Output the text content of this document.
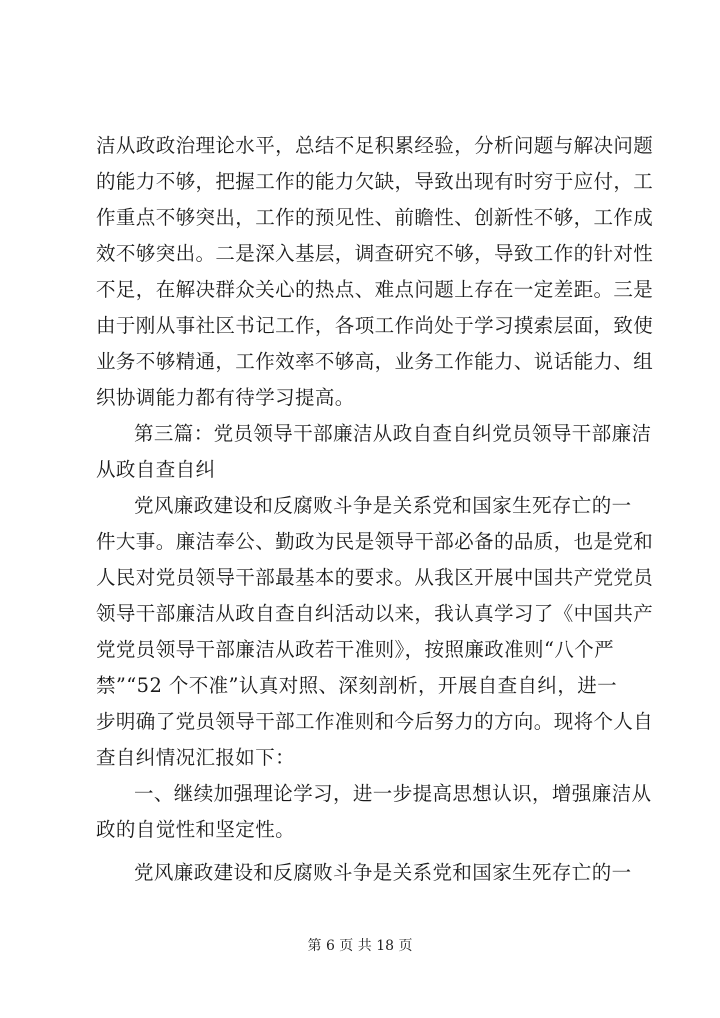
洁从政政治理论水平，总结不足积累经验，分析问题与解决问题
的能力不够，把握工作的能力欠缺，导致出现有时穷于应付，工
作重点不够突出，工作的预见性、前瞻性、创新性不够，工作成
效不够突出。二是深入基层，调查研究不够，导致工作的针对性
不足，在解决群众关心的热点、难点问题上存在一定差距。三是
由于刚从事社区书记工作，各项工作尚处于学习摸索层面，致使
业务不够精通，工作效率不够高，业务工作能力、说话能力、组
织协调能力都有待学习提高。
第三篇：党员领导干部廉洁从政自查自纠党员领导干部廉洁
从政自查自纠
党风廉政建设和反腐败斗争是关系党和国家生死存亡的一
件大事。廉洁奉公、勤政为民是领导干部必备的品质，也是党和
人民对党员领导干部最基本的要求。从我区开展中国共产党党员
领导干部廉洁从政自查自纠活动以来，我认真学习了《中国共产
党党员领导干部廉洁从政若干准则》，按照廉政准则“八个严
禁”“52 个不准”认真对照、深刻剖析，开展自查自纠，进一
步明确了党员领导干部工作准则和今后努力的方向。现将个人自
查自纠情况汇报如下：
一、继续加强理论学习，进一步提高思想认识，增强廉洁从
政的自觉性和坚定性。
党风廉政建设和反腐败斗争是关系党和国家生死存亡的一
第 6 页 共 18 页
